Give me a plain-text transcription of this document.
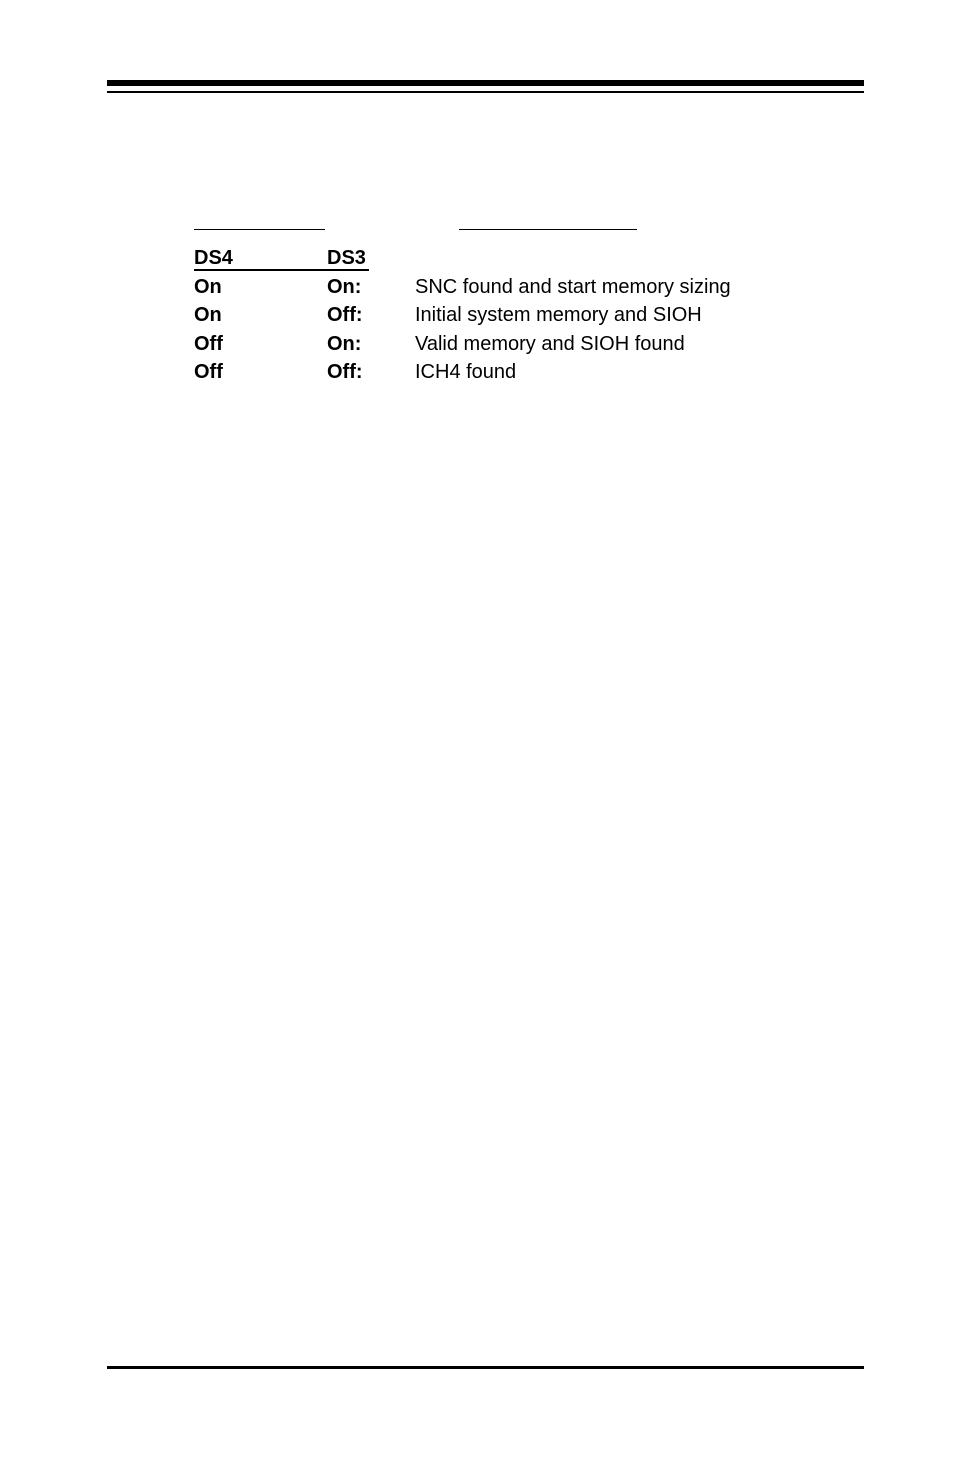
DS4	DS3
On	On:	SNC found and start memory sizing
On	Off:	Initial system memory and SIOH
Off	On:	Valid memory and SIOH found
Off	Off:	ICH4 found
